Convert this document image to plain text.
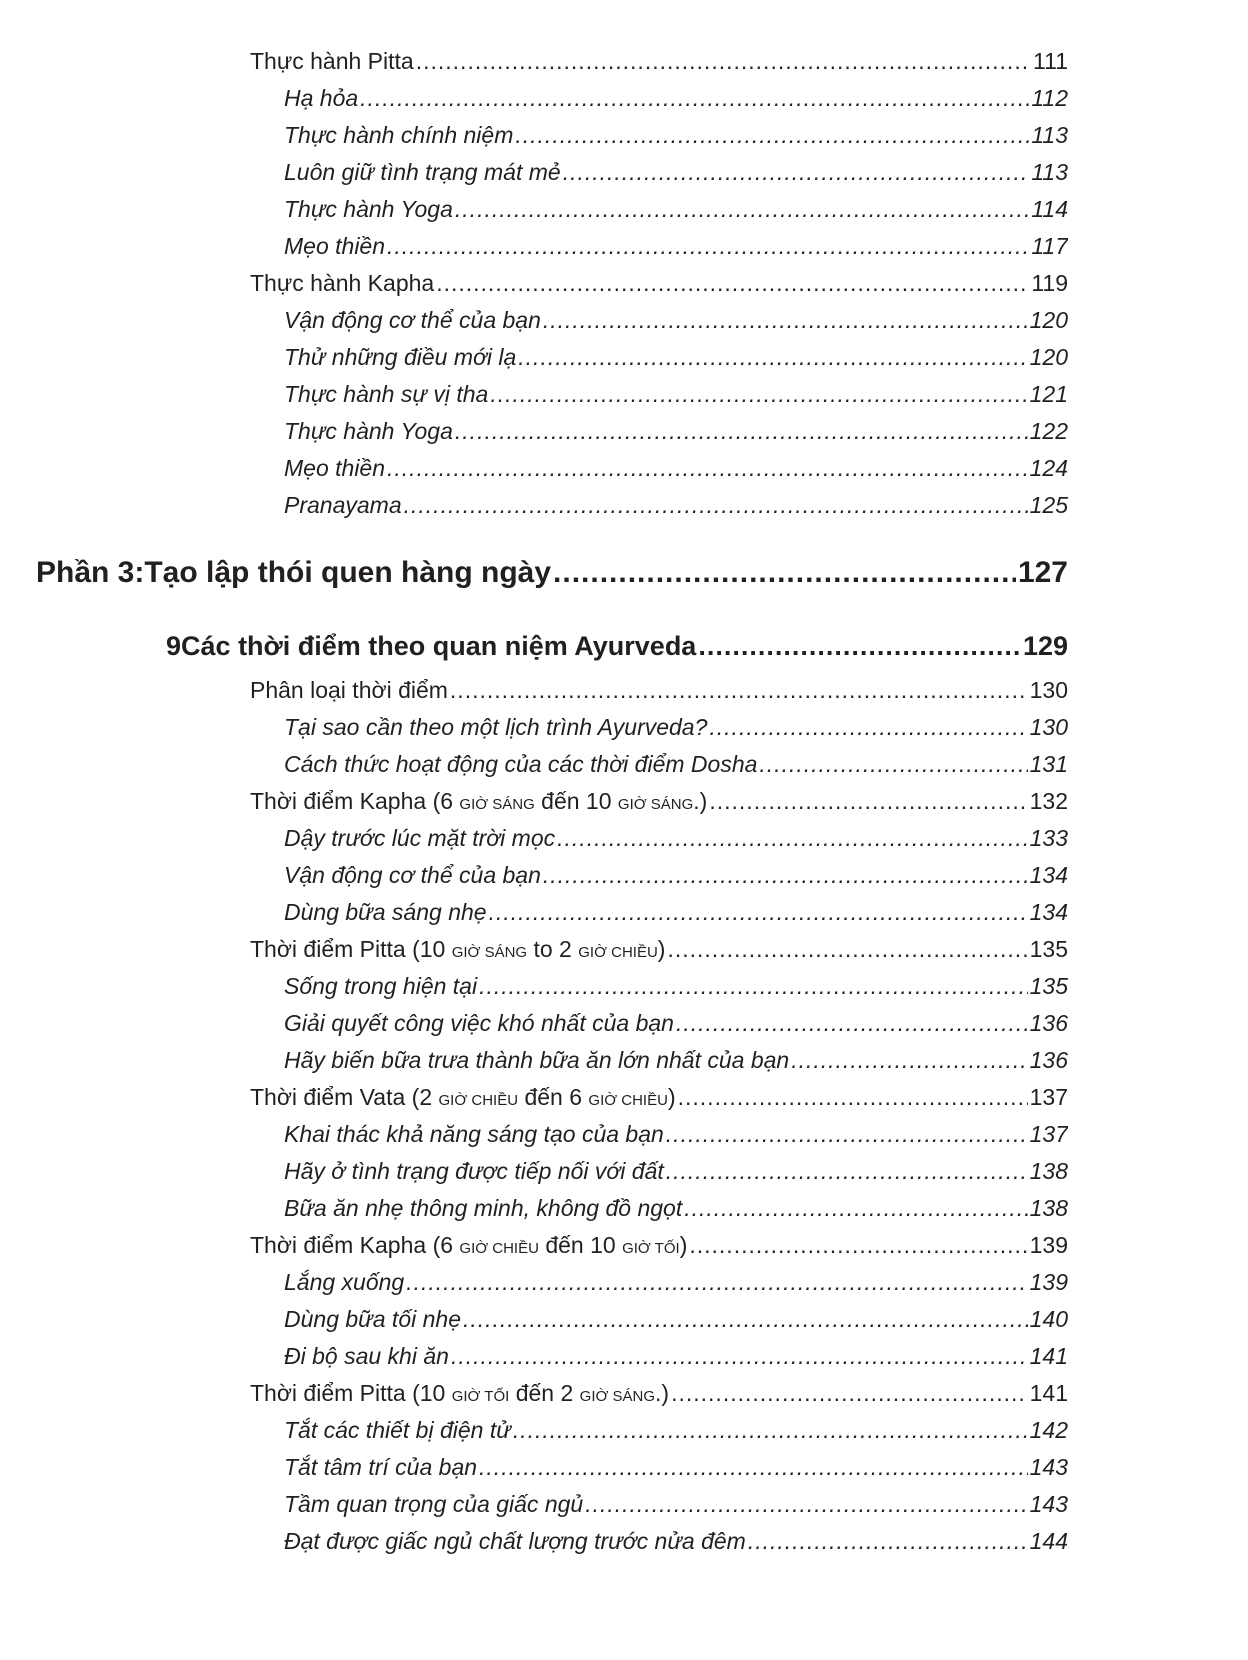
Thực hành Pitta .....	111
Hạ hỏa .....	112
Thực hành chính niệm .....	113
Luôn giữ tình trạng mát mẻ .....	113
Thực hành Yoga .....	114
Mẹo thiền .....	117
Thực hành Kapha .....	119
Vận động cơ thể của bạn .....	120
Thử những điều mới lạ .....	120
Thực hành sự vị tha .....	121
Thực hành Yoga .....	122
Mẹo thiền .....	124
Pranayama .....	125
Phần 3: Tạo lập thói quen hàng ngày .....	127
9 Các thời điểm theo quan niệm Ayurveda .....	129
Phân loại thời điểm .....	130
Tại sao cần theo một lịch trình Ayurveda? .....	130
Cách thức hoạt động của các thời điểm Dosha .....	131
Thời điểm Kapha (6 GIỜ SÁNG đến 10 GIỜ SÁNG.) .....	132
Dậy trước lúc mặt trời mọc .....	133
Vận động cơ thể của bạn .....	134
Dùng bữa sáng nhẹ .....	134
Thời điểm Pitta (10 GIỜ SÁNG to 2 GIỜ CHIỀU) .....	135
Sống trong hiện tại .....	135
Giải quyết công việc khó nhất của bạn .....	136
Hãy biến bữa trưa thành bữa ăn lớn nhất của bạn .....	136
Thời điểm Vata (2 GIỜ CHIỀU đến 6 GIỜ CHIỀU) .....	137
Khai thác khả năng sáng tạo của bạn .....	137
Hãy ở tình trạng được tiếp nối với đất .....	138
Bữa ăn nhẹ thông minh, không đồ ngọt .....	138
Thời điểm Kapha (6 GIỜ CHIỀU đến 10 GIỜ TỐI) .....	139
Lắng xuống .....	139
Dùng bữa tối nhẹ .....	140
Đi bộ sau khi ăn .....	141
Thời điểm Pitta (10 GIỜ TỐI đến 2 GIỜ SÁNG.) .....	141
Tắt các thiết bị điện tử .....	142
Tắt tâm trí của bạn .....	143
Tầm quan trọng của giấc ngủ .....	143
Đạt được giấc ngủ chất lượng trước nửa đêm .....	144
